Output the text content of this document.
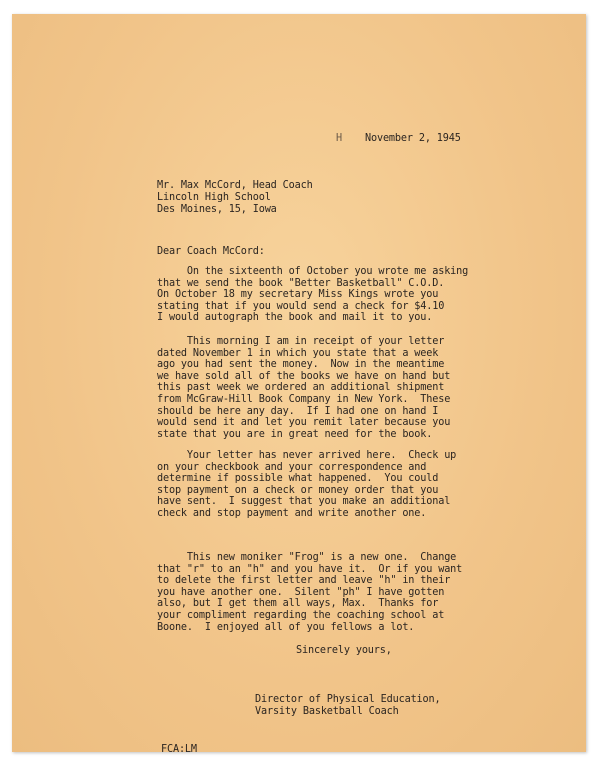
H November 2, 1945
Mr. Max McCord, Head Coach
Lincoln High School
Des Moines, 15, Iowa
Dear Coach McCord:
On the sixteenth of October you wrote me asking
that we send the book "Better Basketball" C.O.D.
On October 18 my secretary Miss Kings wrote you
stating that if you would send a check for $4.10
I would autograph the book and mail it to you.
This morning I am in receipt of your letter
dated November 1 in which you state that a week
ago you had sent the money.  Now in the meantime
we have sold all of the books we have on hand but
this past week we ordered an additional shipment
from McGraw-Hill Book Company in New York.  These
should be here any day.  If I had one on hand I
would send it and let you remit later because you
state that you are in great need for the book.
Your letter has never arrived here.  Check up
on your checkbook and your correspondence and
determine if possible what happened.  You could
stop payment on a check or money order that you
have sent.  I suggest that you make an additional
check and stop payment and write another one.
This new moniker "Frog" is a new one.  Change
that "r" to an "h" and you have it.  Or if you want
to delete the first letter and leave "h" in their
you have another one.  Silent "ph" I have gotten
also, but I get them all ways, Max.  Thanks for
your compliment regarding the coaching school at
Boone.  I enjoyed all of you fellows a lot.
Sincerely yours,
Director of Physical Education,
Varsity Basketball Coach
FCA:LM
